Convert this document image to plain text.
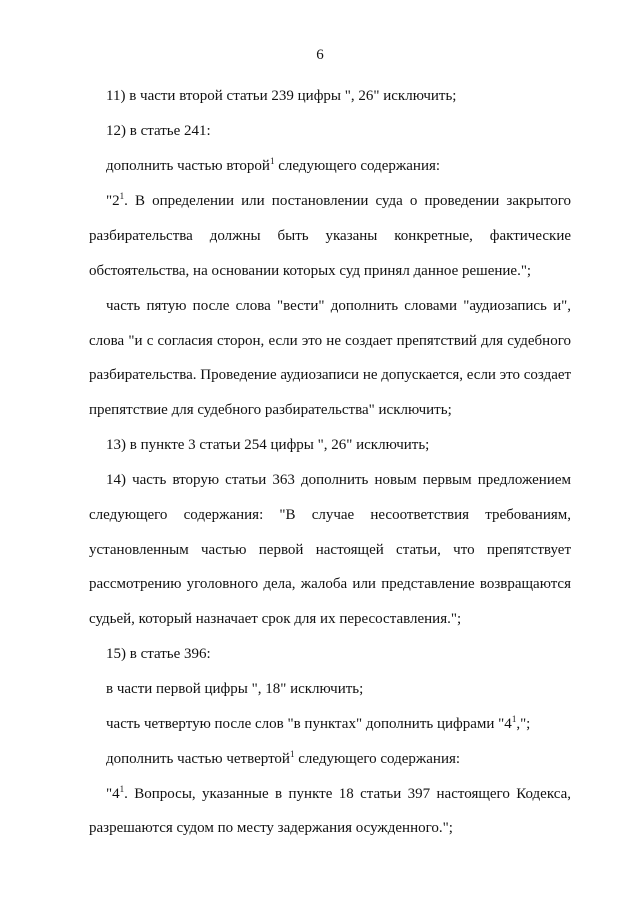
6
11) в части второй статьи 239 цифры ", 26" исключить;
12) в статье 241:
дополнить частью второй$^1$ следующего содержания:
"$2^1$. В определении или постановлении суда о проведении закрытого
разбирательства должны быть указаны конкретные, фактические
обстоятельства, на основании которых суд принял данное решение.";
часть пятую после слова "вести" дополнить словами "аудиозапись и",
слова "и с согласия сторон, если это не создает препятствий для судебного
разбирательства. Проведение аудиозаписи не допускается, если это создает
препятствие для судебного разбирательства" исключить;
13) в пункте 3 статьи 254 цифры ", 26" исключить;
14) часть вторую статьи 363 дополнить новым первым предложением
следующего содержания: "В случае несоответствия требованиям,
установленным частью первой настоящей статьи, что препятствует
рассмотрению уголовного дела, жалоба или представление возвращаются
судьей, который назначает срок для их пересоставления.";
15) в статье 396:
в части первой цифры ", 18" исключить;
часть четвертую после слов "в пунктах" дополнить цифрами "$4^1$,";
дополнить частью четвертой$^1$ следующего содержания:
"$4^1$. Вопросы, указанные в пункте 18 статьи 397 настоящего Кодекса,
разрешаются судом по месту задержания осужденного.";
